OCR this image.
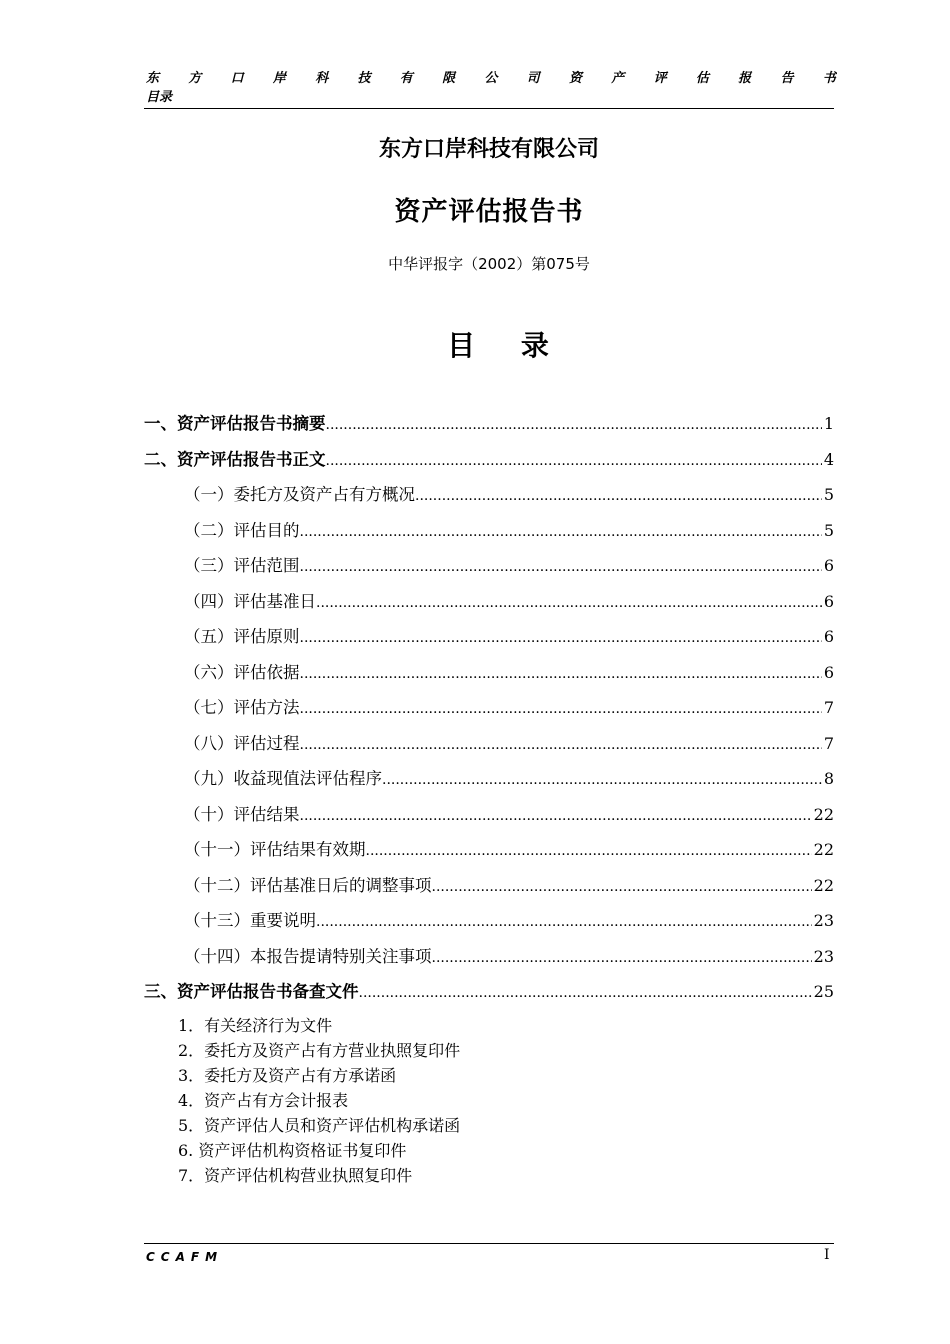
东 方 口 岸 科 技 有 限 公 司 资 产 评 估 报 告 书
目录
东方口岸科技有限公司
资产评估报告书
中华评报字（2002）第075号
目 录
一、资产评估报告书摘要 .....	1
二、资产评估报告书正文 .....	4
（一）委托方及资产占有方概况 .....	5
（二）评估目的 .....	5
（三）评估范围 .....	6
（四）评估基准日 .....	6
（五）评估原则 .....	6
（六）评估依据 .....	6
（七）评估方法 .....	7
（八）评估过程 .....	7
（九）收益现值法评估程序 .....	8
（十）评估结果 .....	22
（十一）评估结果有效期 .....	22
（十二）评估基准日后的调整事项 .....	22
（十三）重要说明 .....	23
（十四）本报告提请特别关注事项 .....	23
三、资产评估报告书备查文件 .....	25
1．有关经济行为文件
2．委托方及资产占有方营业执照复印件
3．委托方及资产占有方承诺函
4．资产占有方会计报表
5．资产评估人员和资产评估机构承诺函
6. 资产评估机构资格证书复印件
7．资产评估机构营业执照复印件
CCAFM	I
